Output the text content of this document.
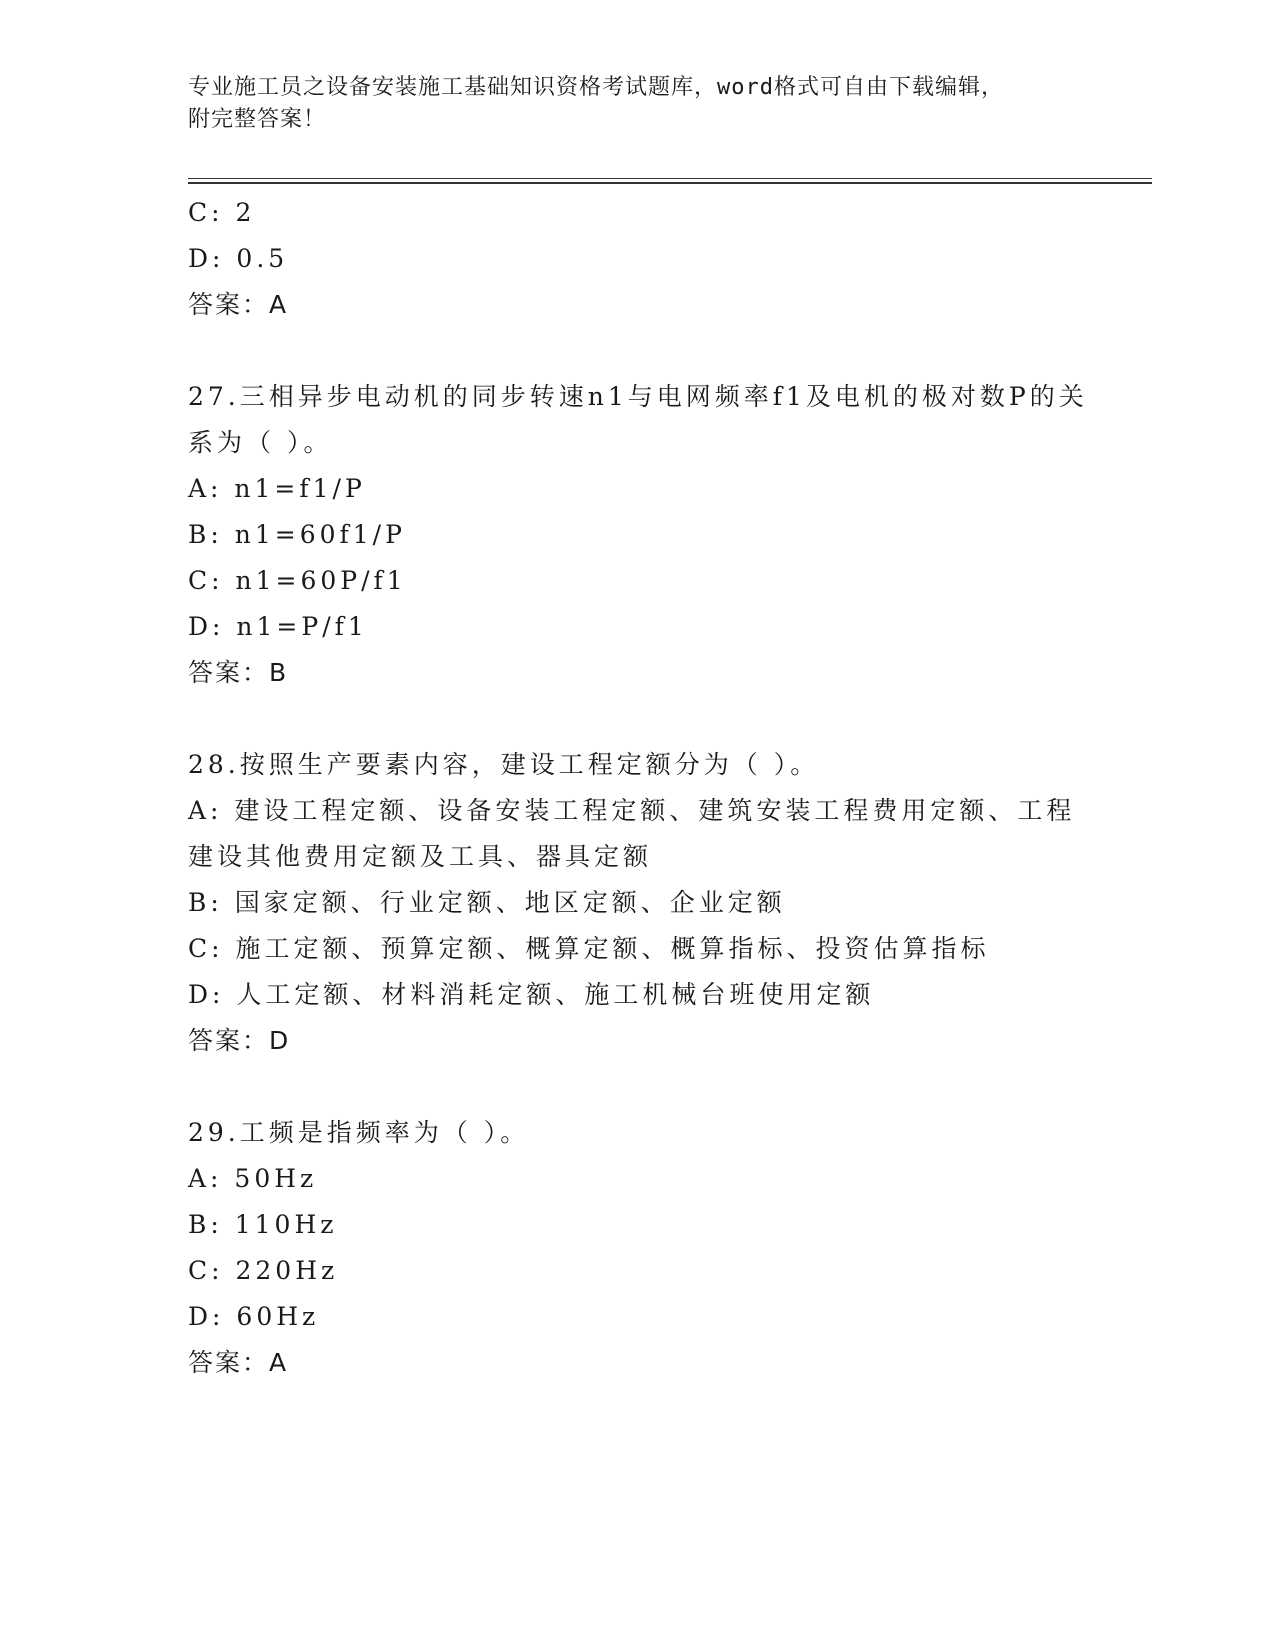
专业施工员之设备安装施工基础知识资格考试题库，word格式可自由下载编辑，
附完整答案！
C: 2
D: 0.5
答案：A
27.三相异步电动机的同步转速n1与电网频率f1及电机的极对数P的关系为（ ）。
A: n1=f1/P
B: n1=60f1/P
C: n1=60P/f1
D: n1=P/f1
答案：B
28.按照生产要素内容，建设工程定额分为（ ）。
A: 建设工程定额、设备安装工程定额、建筑安装工程费用定额、工程建设其他费用定额及工具、器具定额
B: 国家定额、行业定额、地区定额、企业定额
C: 施工定额、预算定额、概算定额、概算指标、投资估算指标
D: 人工定额、材料消耗定额、施工机械台班使用定额
答案：D
29.工频是指频率为（ ）。
A: 50Hz
B: 110Hz
C: 220Hz
D: 60Hz
答案：A
